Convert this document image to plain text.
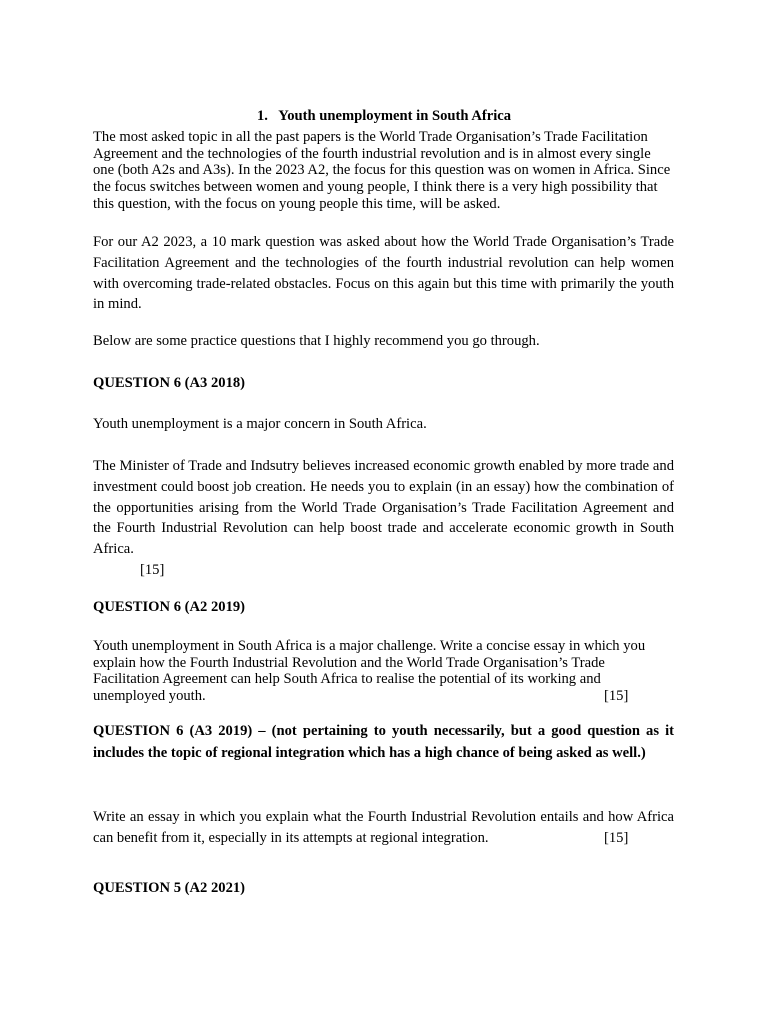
1.   Youth unemployment in South Africa

The most asked topic in all the past papers is the World Trade Organisation’s Trade Facilitation Agreement and the technologies of the fourth industrial revolution and is in almost every single one (both A2s and A3s). In the 2023 A2, the focus for this question was on women in Africa. Since the focus switches between women and young people, I think there is a very high possibility that this question, with the focus on young people this time, will be asked.

For our A2 2023, a 10 mark question was asked about how the World Trade Organisation’s Trade Facilitation Agreement and the technologies of the fourth industrial revolution can help women with overcoming trade-related obstacles. Focus on this again but this time with primarily the youth in mind.

Below are some practice questions that I highly recommend you go through.

QUESTION 6 (A3 2018)

Youth unemployment is a major concern in South Africa.

The Minister of Trade and Indsutry believes increased economic growth enabled by more trade and investment could boost job creation. He needs you to explain (in an essay) how the combination of the opportunities arising from the World Trade Organisation’s Trade Facilitation Agreement and the Fourth Industrial Revolution can help boost trade and accelerate economic growth in South Africa.

[15]

QUESTION 6 (A2 2019)

Youth unemployment in South Africa is a major challenge. Write a concise essay in which you explain how the Fourth Industrial Revolution and the World Trade Organisation’s Trade Facilitation Agreement can help South Africa to realise the potential of its working and unemployed youth.	[15]

QUESTION 6 (A3 2019) – (not pertaining to youth necessarily, but a good question as it includes the topic of regional integration which has a high chance of being asked as well.)

Write an essay in which you explain what the Fourth Industrial Revolution entails and how Africa can benefit from it, especially in its attempts at regional integration.	[15]

QUESTION 5 (A2 2021)
